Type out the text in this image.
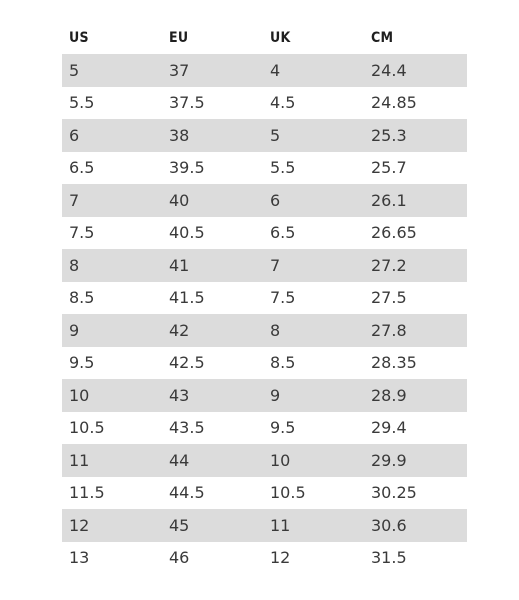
US	EU	UK	CM
5	37	4	24.4
5.5	37.5	4.5	24.85
6	38	5	25.3
6.5	39.5	5.5	25.7
7	40	6	26.1
7.5	40.5	6.5	26.65
8	41	7	27.2
8.5	41.5	7.5	27.5
9	42	8	27.8
9.5	42.5	8.5	28.35
10	43	9	28.9
10.5	43.5	9.5	29.4
11	44	10	29.9
11.5	44.5	10.5	30.25
12	45	11	30.6
13	46	12	31.5
